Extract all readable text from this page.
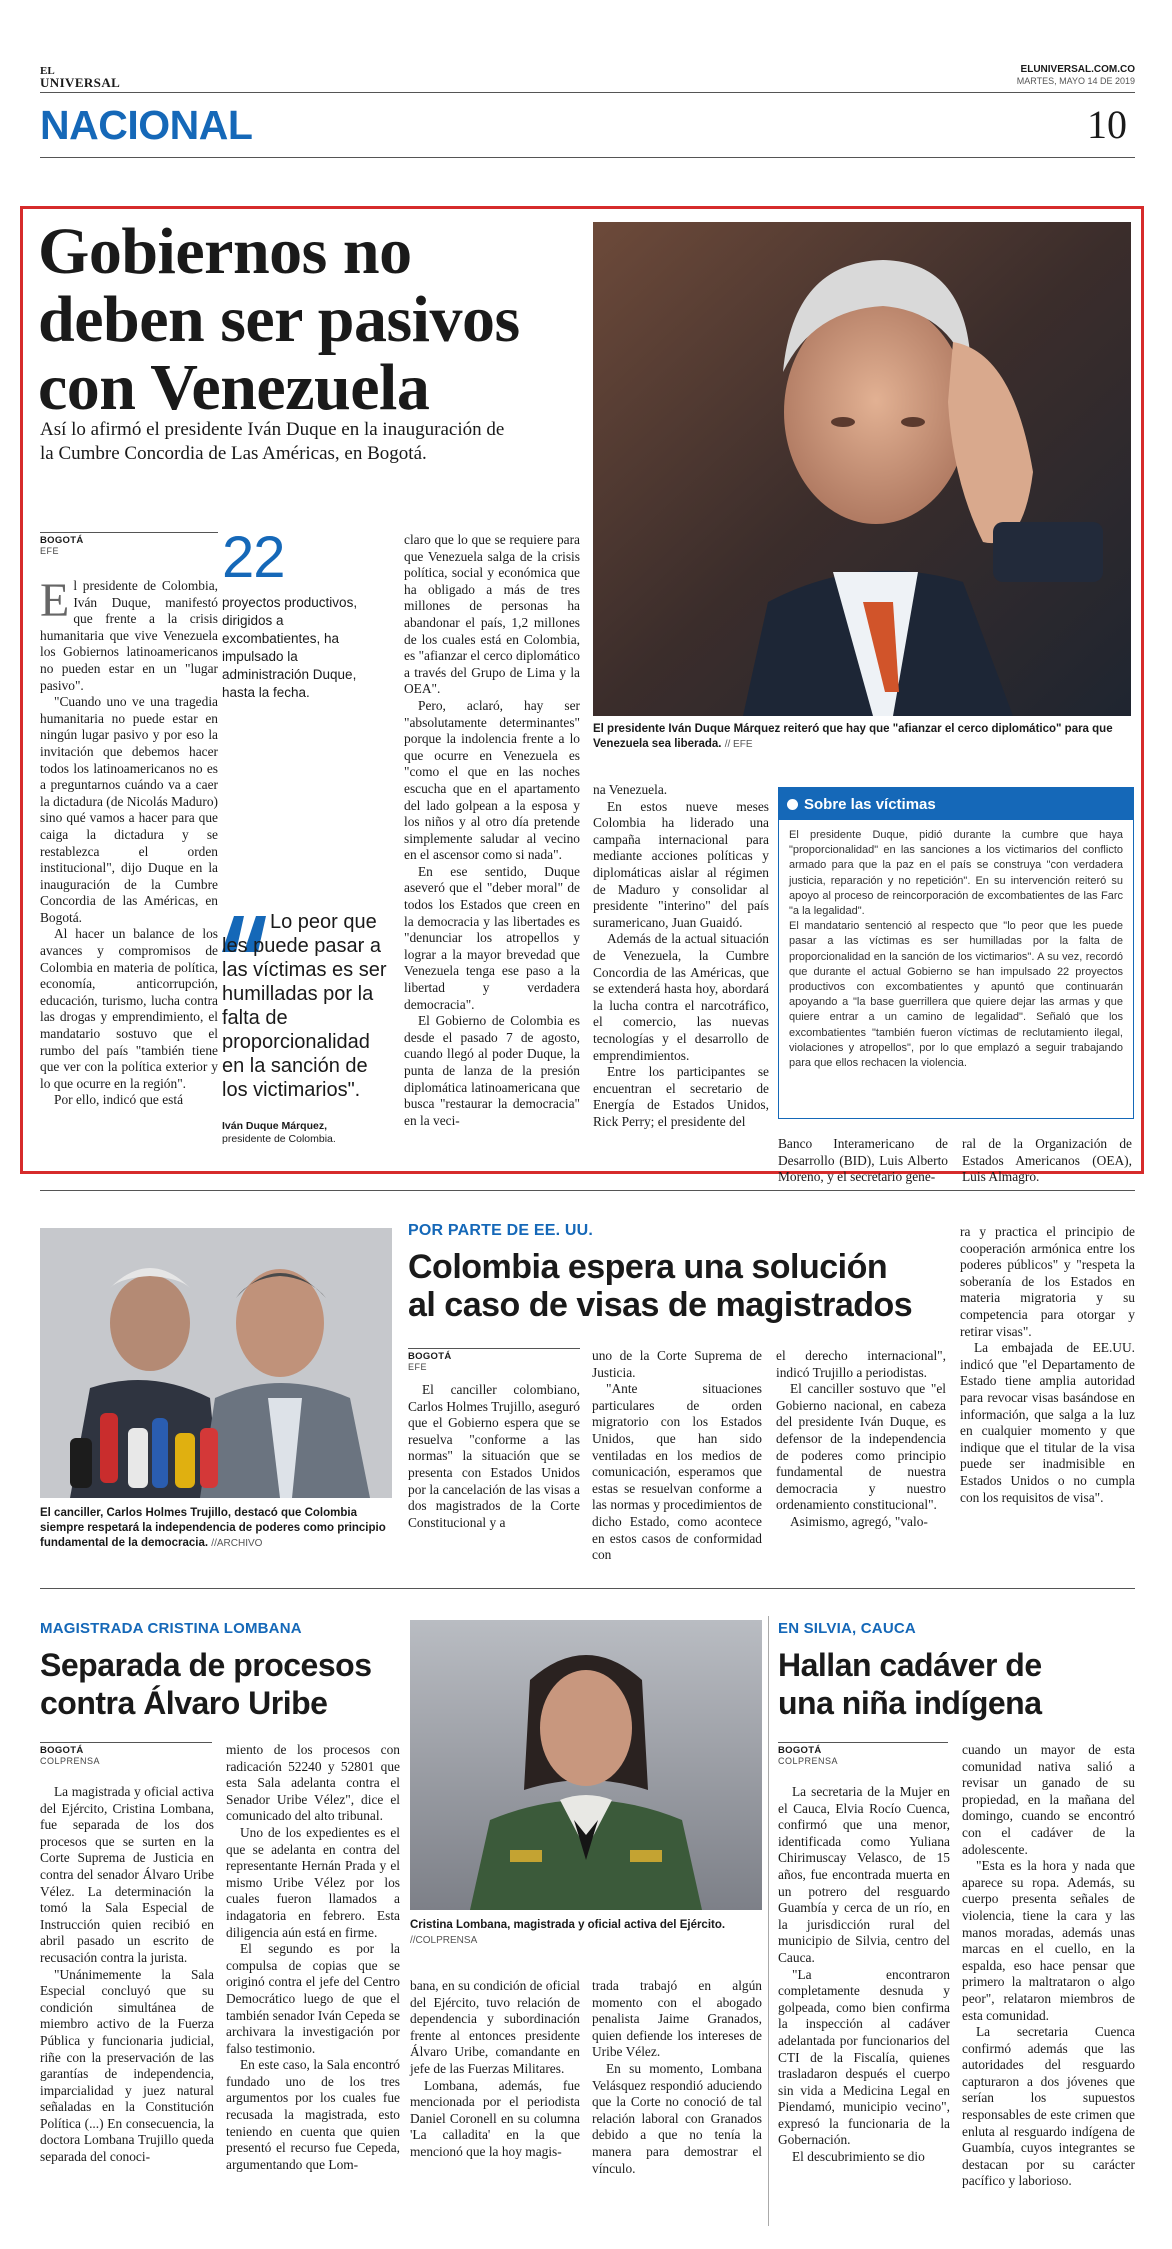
EL
UNIVERSAL
ELUNIVERSAL.COM.CO
MARTES, MAYO 14 DE 2019
NACIONAL	10
Gobiernos no
deben ser pasivos
con Venezuela
Así lo afirmó el presidente Iván Duque en la inauguración de
la Cumbre Concordia de Las Américas, en Bogotá.
El presidente Iván Duque Márquez reiteró que hay que "afianzar el cerco diplomático" para que Venezuela sea liberada. // EFE
BOGOTÁ
EFE

El presidente de Colombia, Iván Duque, manifestó que frente a la crisis humanitaria que vive Venezuela los Gobiernos latinoamericanos no pueden estar en un "lugar pasivo".

"Cuando uno ve una tragedia humanitaria no puede estar en ningún lugar pasivo y por eso la invitación que debemos hacer todos los latinoamericanos no es a preguntarnos cuándo va a caer la dictadura (de Nicolás Maduro) sino qué vamos a hacer para que caiga la dictadura y se restablezca el orden institucional", dijo Duque en la inauguración de la Cumbre Concordia de las Américas, en Bogotá.

Al hacer un balance de los avances y compromisos de Colombia en materia de política, economía, anticorrupción, educación, turismo, lucha contra las drogas y emprendimiento, el mandatario sostuvo que el rumbo del país "también tiene que ver con la política exterior y lo que ocurre en la región".

Por ello, indicó que está

22
proyectos productivos, dirigidos a excombatientes, ha impulsado la administración Duque, hasta la fecha.
Lo peor que les puede pasar a las víctimas es ser humilladas por la falta de proporcionalidad en la sanción de los victimarios".
Iván Duque Márquez,
presidente de Colombia.

claro que lo que se requiere para que Venezuela salga de la crisis política, social y económica que ha obligado a más de tres millones de personas ha abandonar el país, 1,2 millones de los cuales está en Colombia, es "afianzar el cerco diplomático a través del Grupo de Lima y la OEA".

Pero, aclaró, hay ser "absolutamente determinantes" porque la indolencia frente a lo que ocurre en Venezuela es "como el que en las noches escucha que en el apartamento del lado golpean a la esposa y los niños y al otro día pretende simplemente saludar al vecino en el ascensor como si nada".

En ese sentido, Duque aseveró que el "deber moral" de todos los Estados que creen en la democracia y las libertades es "denunciar los atropellos y lograr a la mayor brevedad que Venezuela tenga ese paso a la libertad y verdadera democracia".

El Gobierno de Colombia es desde el pasado 7 de agosto, cuando llegó al poder Duque, la punta de lanza de la presión diplomática latinoamericana que busca "restaurar la democracia" en la veci-

na Venezuela.

En estos nueve meses Colombia ha liderado una campaña internacional para mediante acciones políticas y diplomáticas aislar al régimen de Maduro y consolidar al presidente "interino" del país suramericano, Juan Guaidó.

Además de la actual situación de Venezuela, la Cumbre Concordia de las Américas, que se extenderá hasta hoy, abordará la lucha contra el narcotráfico, el comercio, las nuevas tecnologías y el desarrollo de emprendimientos.

Entre los participantes se encuentran el secretario de Energía de Estados Unidos, Rick Perry; el presidente del

Sobre las víctimas
El presidente Duque, pidió durante la cumbre que haya "proporcionalidad" en las sanciones a los victimarios del conflicto armado para que la paz en el país se construya "con verdadera justicia, reparación y no repetición". En su intervención reiteró su apoyo al proceso de reincorporación de excombatientes de las Farc "a la legalidad".
El mandatario sentenció al respecto que "lo peor que les puede pasar a las víctimas es ser humilladas por la falta de proporcionalidad en la sanción de los victimarios". A su vez, recordó que durante el actual Gobierno se han impulsado 22 proyectos productivos con excombatientes y apuntó que continuarán apoyando a "la base guerrillera que quiere dejar las armas y que quiere entrar a un camino de legalidad". Señaló que los excombatientes "también fueron víctimas de reclutamiento ilegal, violaciones y atropellos", por lo que emplazó a seguir trabajando para que ellos rechacen la violencia.

Banco Interamericano de Desarrollo (BID), Luis Alberto Moreno, y el secretario gene-

ral de la Organización de Estados Americanos (OEA), Luis Almagro.

El canciller, Carlos Holmes Trujillo, destacó que Colombia siempre respetará la independencia de poderes como principio fundamental de la democracia. //ARCHIVO
POR PARTE DE EE. UU.
Colombia espera una solución
al caso de visas de magistrados
BOGOTÁ
EFE

El canciller colombiano, Carlos Holmes Trujillo, aseguró que el Gobierno espera que se resuelva "conforme a las normas" la situación que se presenta con Estados Unidos por la cancelación de las visas a dos magistrados de la Corte Constitucional y a

uno de la Corte Suprema de Justicia.

"Ante situaciones particulares de orden migratorio con los Estados Unidos, que han sido ventiladas en los medios de comunicación, esperamos que estas se resuelvan conforme a las normas y procedimientos de dicho Estado, como acontece en estos casos de conformidad con

el derecho internacional", indicó Trujillo a periodistas.

El canciller sostuvo que "el Gobierno nacional, en cabeza del presidente Iván Duque, es defensor de la independencia de poderes como principio fundamental de nuestra democracia y nuestro ordenamiento constitucional".

Asimismo, agregó, "valo-

ra y practica el principio de cooperación armónica entre los poderes públicos" y "respeta la soberanía de los Estados en materia migratoria y su competencia para otorgar y retirar visas".

La embajada de EE.UU. indicó que "el Departamento de Estado tiene amplia autoridad para revocar visas basándose en información, que salga a la luz en cualquier momento y que indique que el titular de la visa puede ser inadmisible en Estados Unidos o no cumpla con los requisitos de visa".

MAGISTRADA CRISTINA LOMBANA
Separada de procesos
contra Álvaro Uribe
BOGOTÁ
COLPRENSA

La magistrada y oficial activa del Ejército, Cristina Lombana, fue separada de los dos procesos que se surten en la Corte Suprema de Justicia en contra del senador Álvaro Uribe Vélez. La determinación la tomó la Sala Especial de Instrucción quien recibió en abril pasado un escrito de recusación contra la jurista.

"Unánimemente la Sala Especial concluyó que su condición simultánea de miembro activo de la Fuerza Pública y funcionaria judicial, riñe con la preservación de las garantías de independencia, imparcialidad y juez natural señaladas en la Constitución Política (...) En consecuencia, la doctora Lombana Trujillo queda separada del conoci-

miento de los procesos con radicación 52240 y 52801 que esta Sala adelanta contra el Senador Uribe Vélez", dice el comunicado del alto tribunal.

Uno de los expedientes es el que se adelanta en contra del representante Hernán Prada y el mismo Uribe Vélez por los cuales fueron llamados a indagatoria en febrero. Esta diligencia aún está en firme.

El segundo es por la compulsa de copias que se originó contra el jefe del Centro Democrático luego de que el también senador Iván Cepeda se archivara la investigación por falso testimonio.

En este caso, la Sala encontró fundado uno de los tres argumentos por los cuales fue recusada la magistrada, esto teniendo en cuenta que quien presentó el recurso fue Cepeda, argumentando que Lom-

Cristina Lombana, magistrada y oficial activa del Ejército. //COLPRENSA

bana, en su condición de oficial del Ejército, tuvo relación de dependencia y subordinación frente al entonces presidente Álvaro Uribe, comandante en jefe de las Fuerzas Militares.

Lombana, además, fue mencionada por el periodista Daniel Coronell en su columna 'La calladita' en la que mencionó que la hoy magis-

trada trabajó en algún momento con el abogado penalista Jaime Granados, quien defiende los intereses de Uribe Vélez.

En su momento, Lombana Velásquez respondió aduciendo que la Corte no conoció de tal relación laboral con Granados debido a que no tenía la manera para demostrar el vínculo.

EN SILVIA, CAUCA
Hallan cadáver de
una niña indígena
BOGOTÁ
COLPRENSA

La secretaria de la Mujer en el Cauca, Elvia Rocío Cuenca, confirmó que una menor, identificada como Yuliana Chirimuscay Velasco, de 15 años, fue encontrada muerta en un potrero del resguardo Guambía y cerca de un río, en la jurisdicción rural del municipio de Silvia, centro del Cauca.

"La encontraron completamente desnuda y golpeada, como bien confirma la inspección al cadáver adelantada por funcionarios del CTI de la Fiscalía, quienes trasladaron después el cuerpo sin vida a Medicina Legal en Piendamó, municipio vecino", expresó la funcionaria de la Gobernación.

El descubrimiento se dio

cuando un mayor de esta comunidad nativa salió a revisar un ganado de su propiedad, en la mañana del domingo, cuando se encontró con el cadáver de la adolescente.

"Esta es la hora y nada que aparece su ropa. Además, su cuerpo presenta señales de violencia, tiene la cara y las manos moradas, además unas marcas en el cuello, en la espalda, eso hace pensar que primero la maltrataron o algo peor", relataron miembros de esta comunidad.

La secretaria Cuenca confirmó además que las autoridades del resguardo capturaron a dos jóvenes que serían los supuestos responsables de este crimen que enluta al resguardo indígena de Guambía, cuyos integrantes se destacan por su carácter pacífico y laborioso.
